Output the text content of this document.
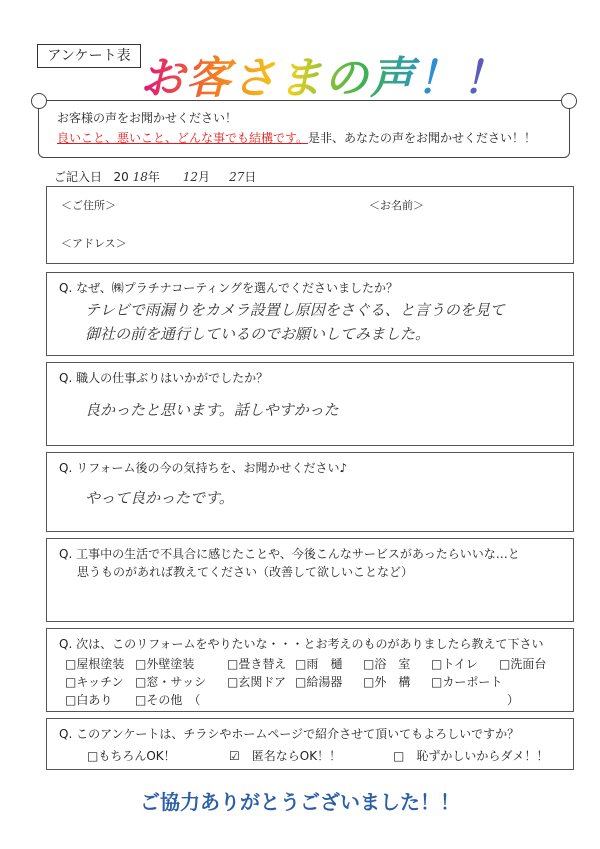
アンケート表 お客さまの声！！
お客様の声をお聞かせください！
良いこと、悪いこと、どんな事でも結構です。是非、あなたの声をお聞かせください！！
ご記入日 20 18年 12月 27日
＜ご住所＞	＜お名前＞
＜アドレス＞
Q. なぜ、㈱プラチナコーティングを選んでくださいましたか？
テレビで雨漏りをカメラ設置し原因をさぐる、と言うのを見て
御社の前を通行しているのでお願いしてみました。
Q. 職人の仕事ぶりはいかがでしたか？
良かったと思います。話しやすかった
Q. リフォーム後の今の気持ちを、お聞かせください♪
やって良かったです。
Q. 工事中の生活で不具合に感じたことや、今後こんなサービスがあったらいいな…と
思うものがあれば教えてください（改善して欲しいことなど）
Q. 次は、このリフォームをやりたいな・・・とお考えのものがありましたら教えて下さい
□屋根塗装 □外壁塗装	□畳き替え □雨　樋 □浴　室 □トイレ □洗面台
□キッチン □窓・サッシ □玄関ドア □給湯器 □外　構 □カーポート
□白あり □その他　（	）
Q. このアンケートは、チラシやホームページで紹介させて頂いてもよろしいですか？
□もちろんOK！	☑　匿名ならOK！！	□　恥ずかしいからダメ！！
ご協力ありがとうございました！！
